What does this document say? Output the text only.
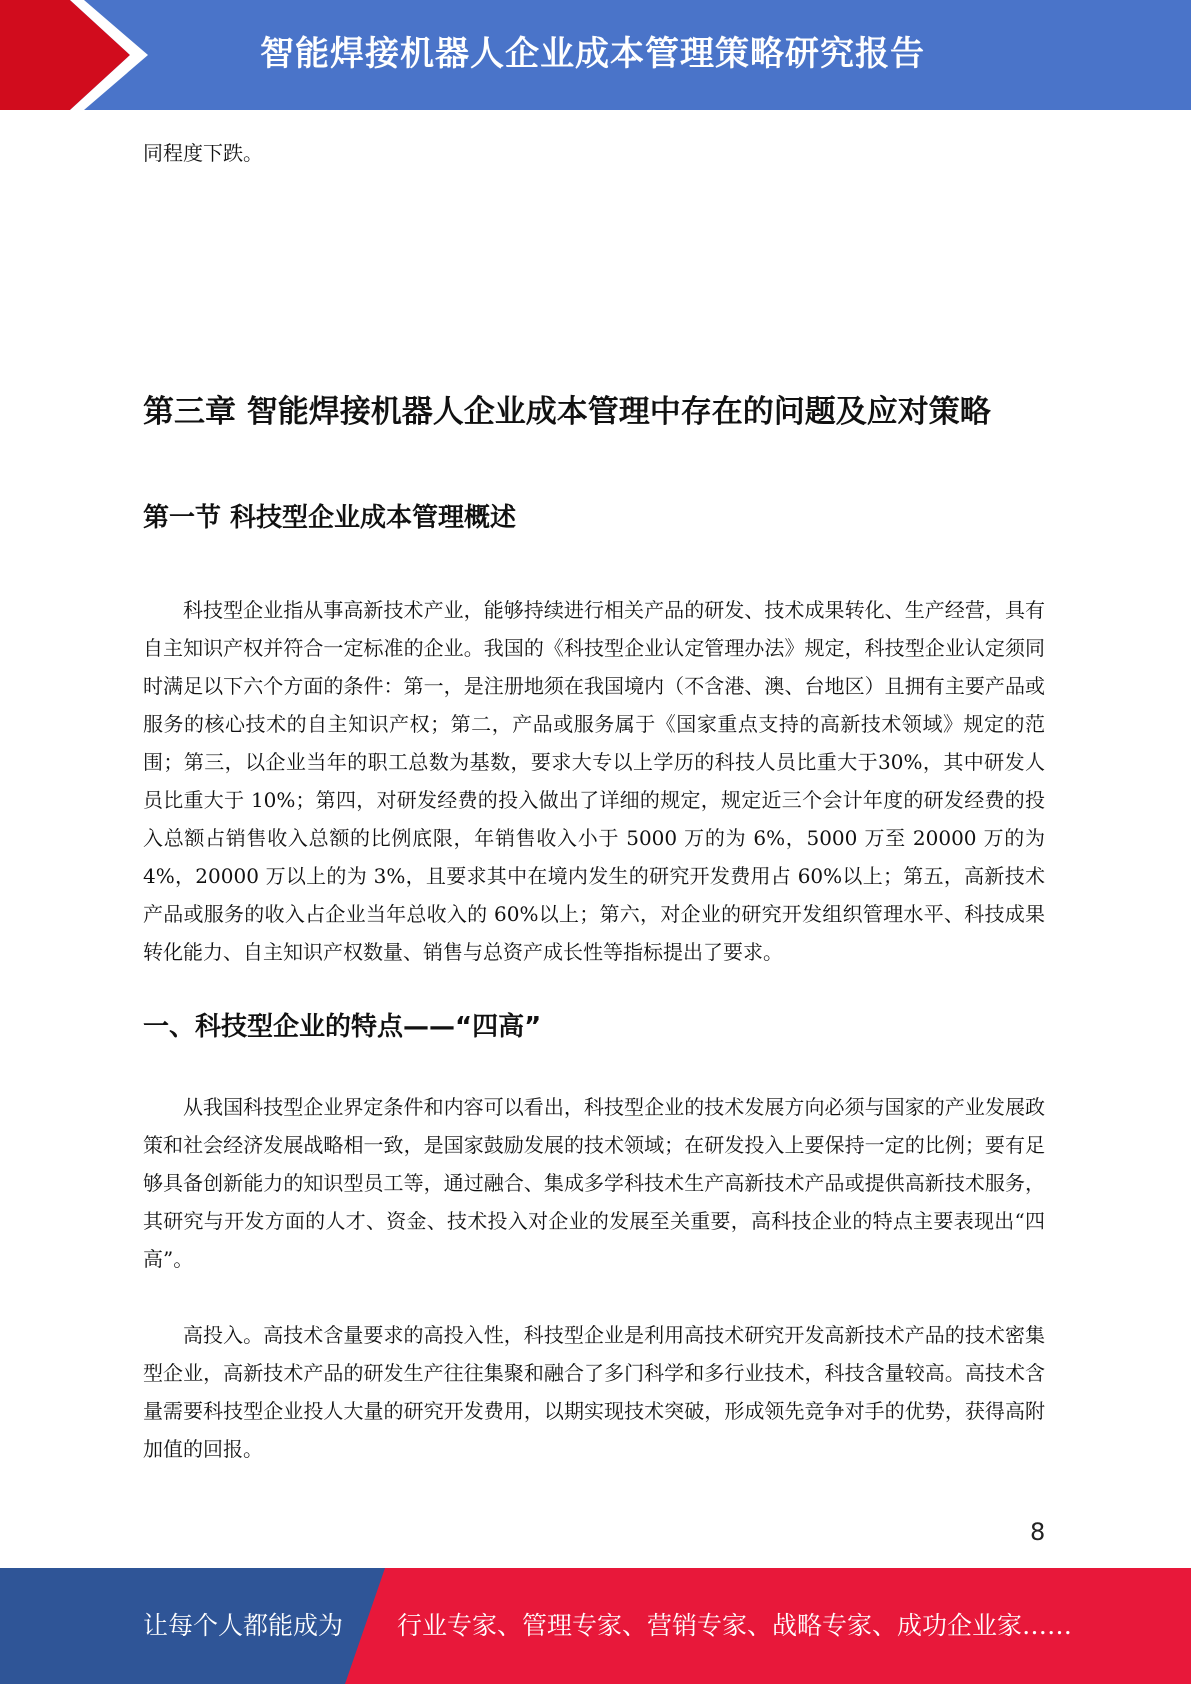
智能焊接机器人企业成本管理策略研究报告
同程度下跌。
第三章 智能焊接机器人企业成本管理中存在的问题及应对策略
第一节 科技型企业成本管理概述

科技型企业指从事高新技术产业，能够持续进行相关产品的研发、技术成果转化、生产经营，具有自主知识产权并符合一定标准的企业。我国的《科技型企业认定管理办法》规定，科技型企业认定须同时满足以下六个方面的条件：第一，是注册地须在我国境内（不含港、澳、台地区）且拥有主要产品或服务的核心技术的自主知识产权；第二，产品或服务属于《国家重点支持的高新技术领域》规定的范围；第三，以企业当年的职工总数为基数，要求大专以上学历的科技人员比重大于30%，其中研发人员比重大于 10%；第四，对研发经费的投入做出了详细的规定，规定近三个会计年度的研发经费的投入总额占销售收入总额的比例底限，年销售收入小于 5000 万的为 6%，5000 万至 20000 万的为 4%，20000 万以上的为 3%，且要求其中在境内发生的研究开发费用占 60%以上；第五，高新技术产品或服务的收入占企业当年总收入的 60%以上；第六，对企业的研究开发组织管理水平、科技成果转化能力、自主知识产权数量、销售与总资产成长性等指标提出了要求。

一、科技型企业的特点——“四高”

从我国科技型企业界定条件和内容可以看出，科技型企业的技术发展方向必须与国家的产业发展政策和社会经济发展战略相一致，是国家鼓励发展的技术领域；在研发投入上要保持一定的比例；要有足够具备创新能力的知识型员工等，通过融合、集成多学科技术生产高新技术产品或提供高新技术服务，其研究与开发方面的人才、资金、技术投入对企业的发展至关重要，高科技企业的特点主要表现出“四高”。

高投入。高技术含量要求的高投入性，科技型企业是利用高技术研究开发高新技术产品的技术密集型企业，高新技术产品的研发生产往往集聚和融合了多门科学和多行业技术，科技含量较高。高技术含量需要科技型企业投人大量的研究开发费用，以期实现技术突破，形成领先竞争对手的优势，获得高附加值的回报。

8
让每个人都能成为 行业专家、管理专家、营销专家、战略专家、成功企业家……
